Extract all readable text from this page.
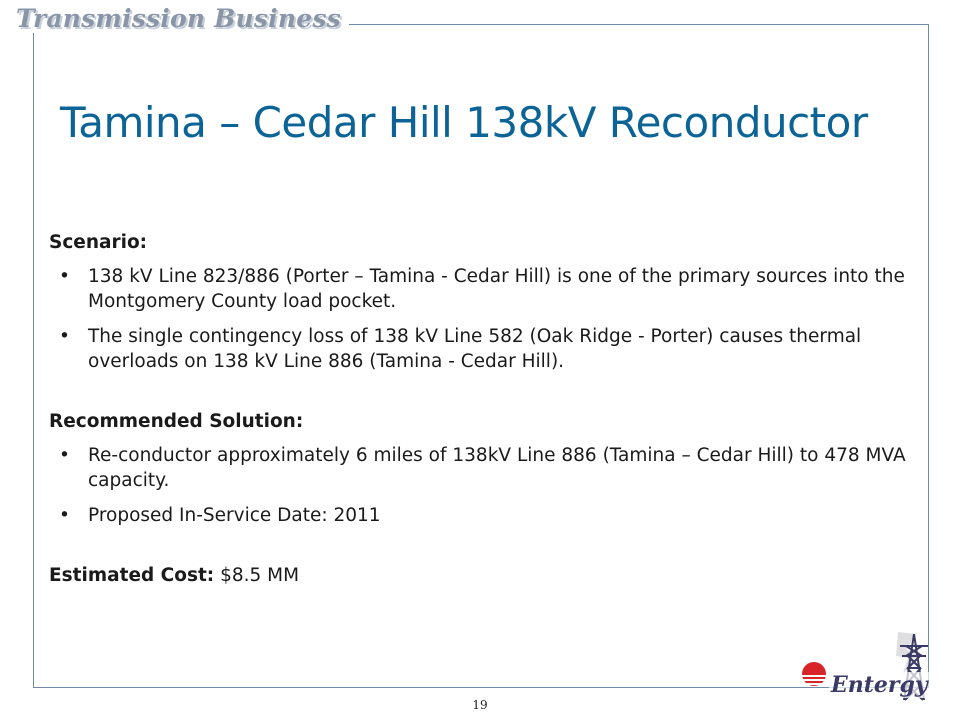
Transmission Business
Tamina – Cedar Hill 138kV Reconductor
Scenario:
• 138 kV Line 823/886 (Porter – Tamina - Cedar Hill) is one of the primary sources into the Montgomery County load pocket.
• The single contingency loss of 138 kV Line 582 (Oak Ridge - Porter) causes thermal overloads on 138 kV Line 886 (Tamina - Cedar Hill).
Recommended Solution:
• Re-conductor approximately 6 miles of 138kV Line 886 (Tamina – Cedar Hill) to 478 MVA capacity.
• Proposed In-Service Date: 2011
Estimated Cost: $8.5 MM
Entergy
19
